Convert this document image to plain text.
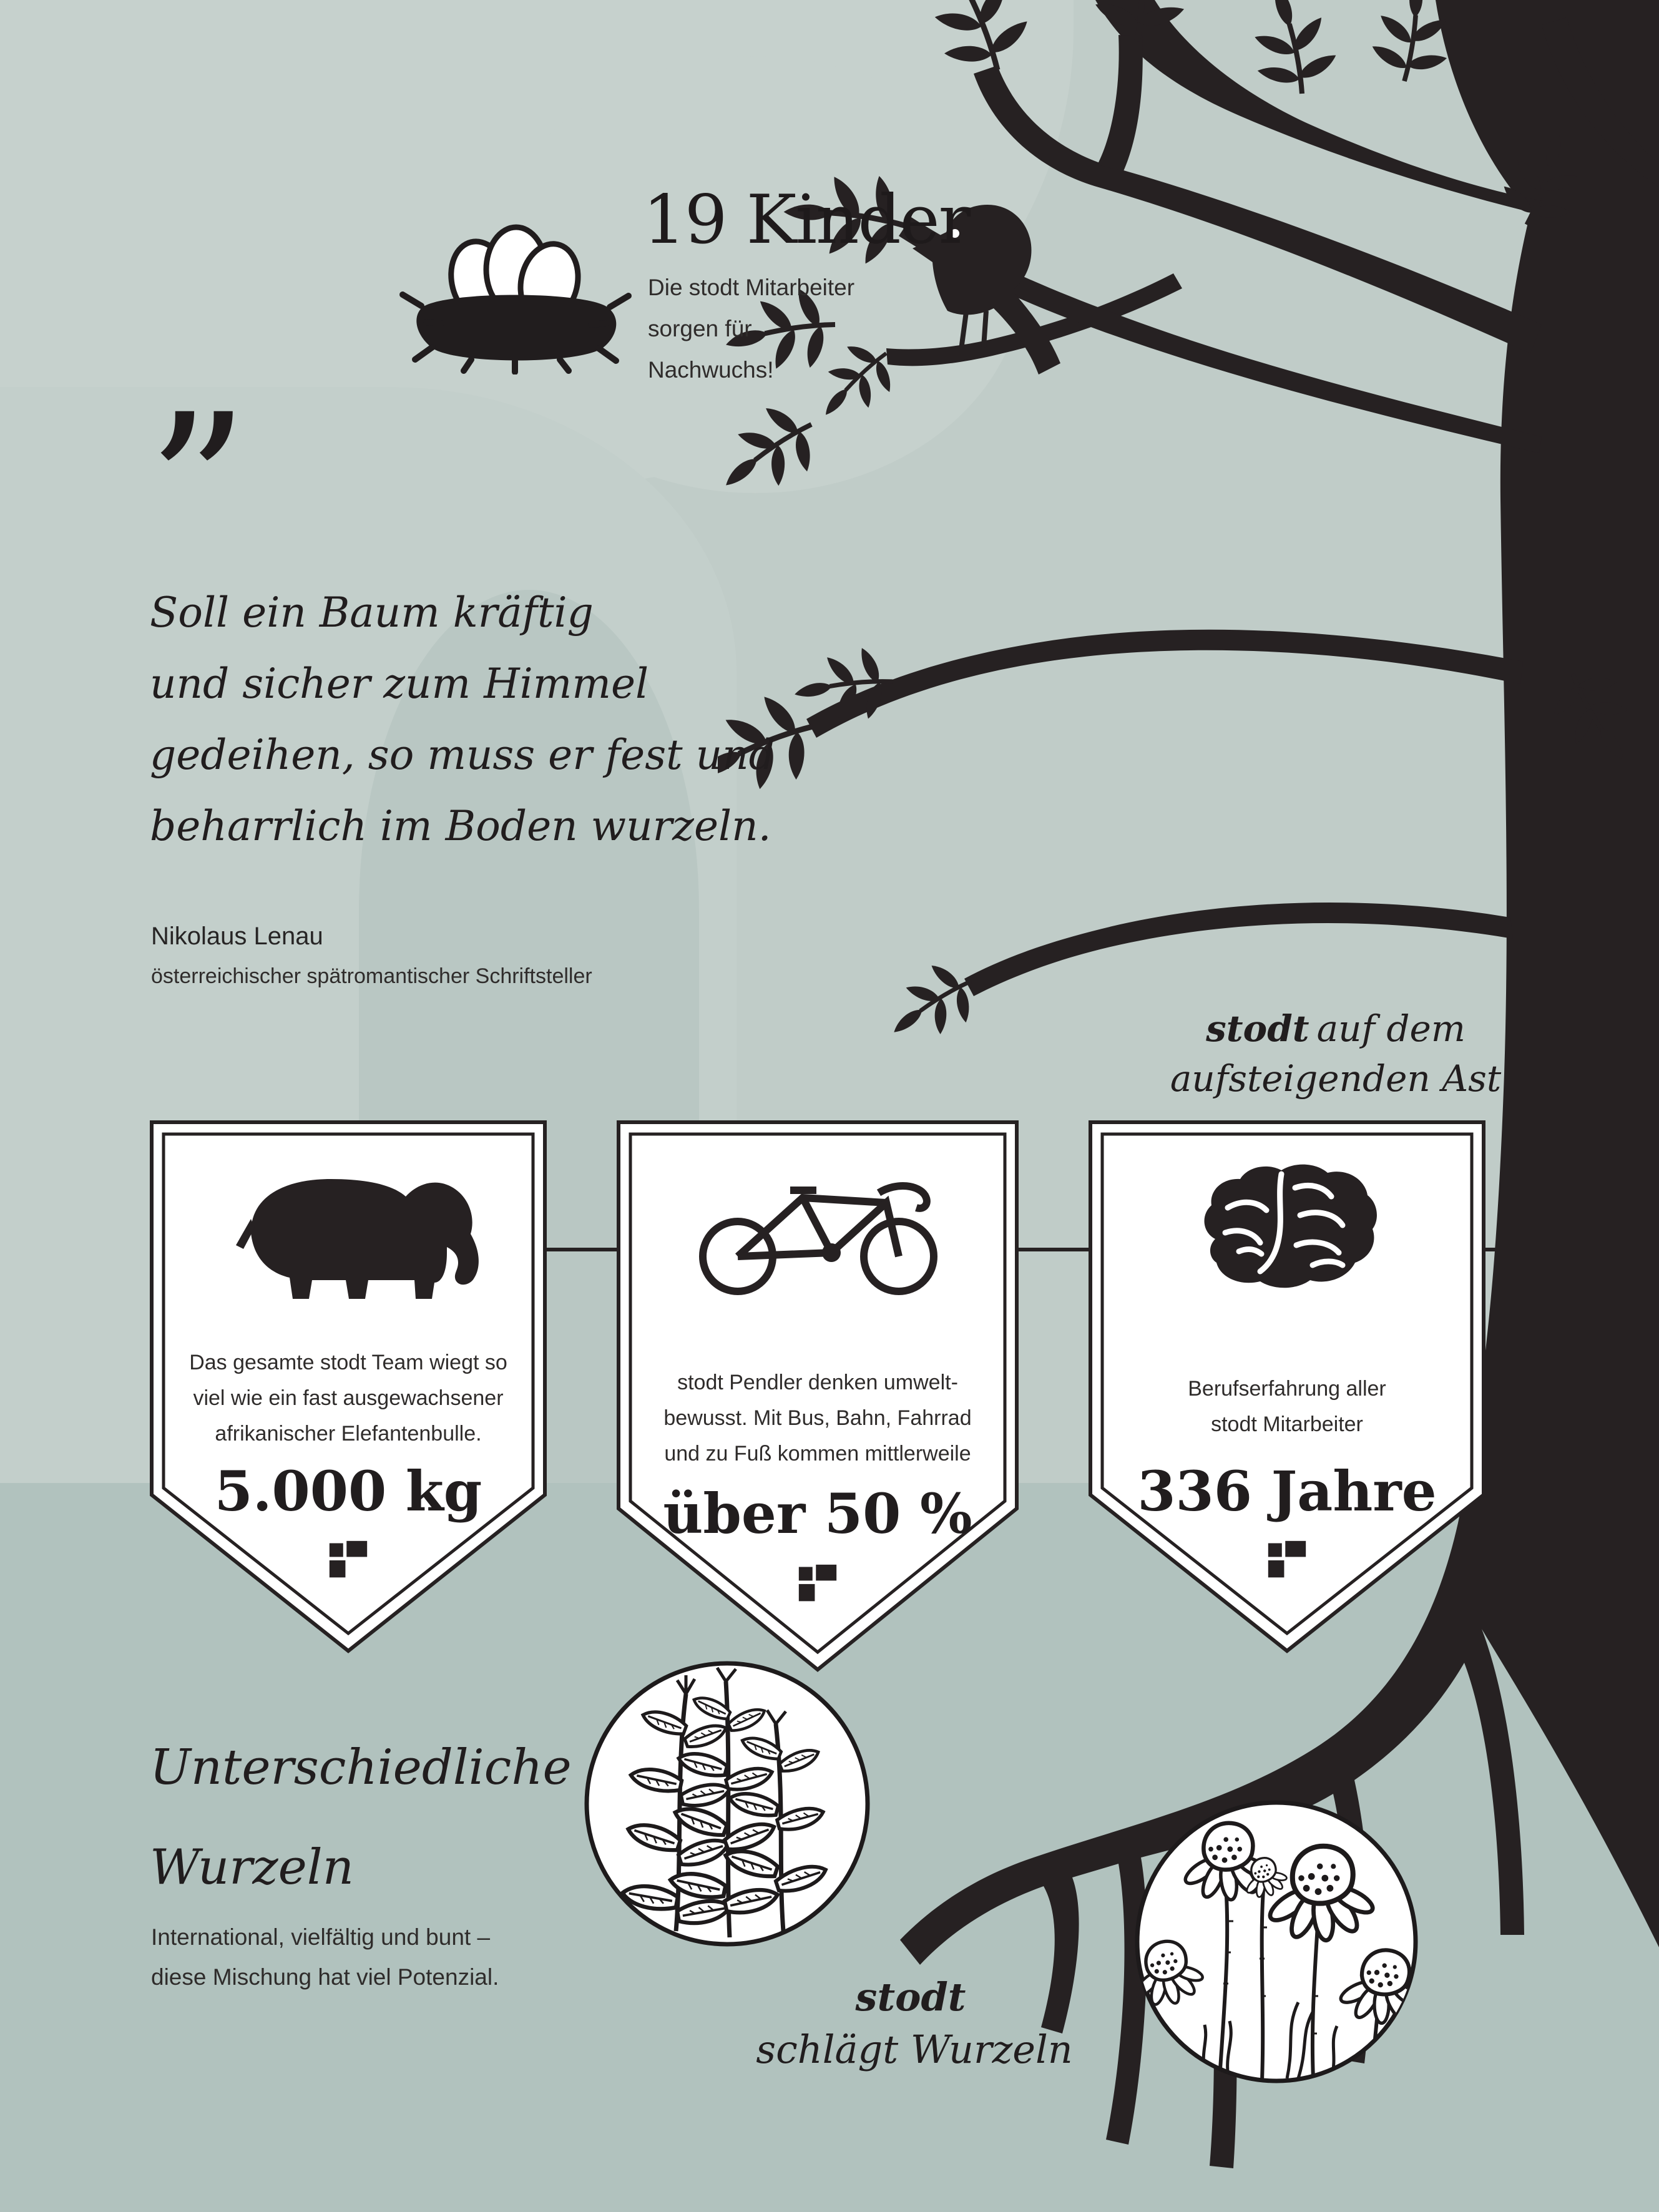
19 Kinder
Die stodt Mitarbeiter
sorgen für
Nachwuchs!
”
Soll ein Baum kräftig
und sicher zum Himmel
gedeihen, so muss er fest und
beharrlich im Boden wurzeln.
Nikolaus Lenau
österreichischer spätromantischer Schriftsteller
stodt auf dem
aufsteigenden Ast
Das gesamte stodt Team wiegt so
viel wie ein fast ausgewachsener
afrikanischer Elefantenbulle.
5.000 kg
stodt Pendler denken umwelt-
bewusst. Mit Bus, Bahn, Fahrrad
und zu Fuß kommen mittlerweile
über 50 %
Berufserfahrung aller
stodt Mitarbeiter
336 Jahre
Unterschiedliche
Wurzeln
International, vielfältig und bunt –
diese Mischung hat viel Potenzial.	stodt
schlägt Wurzeln
